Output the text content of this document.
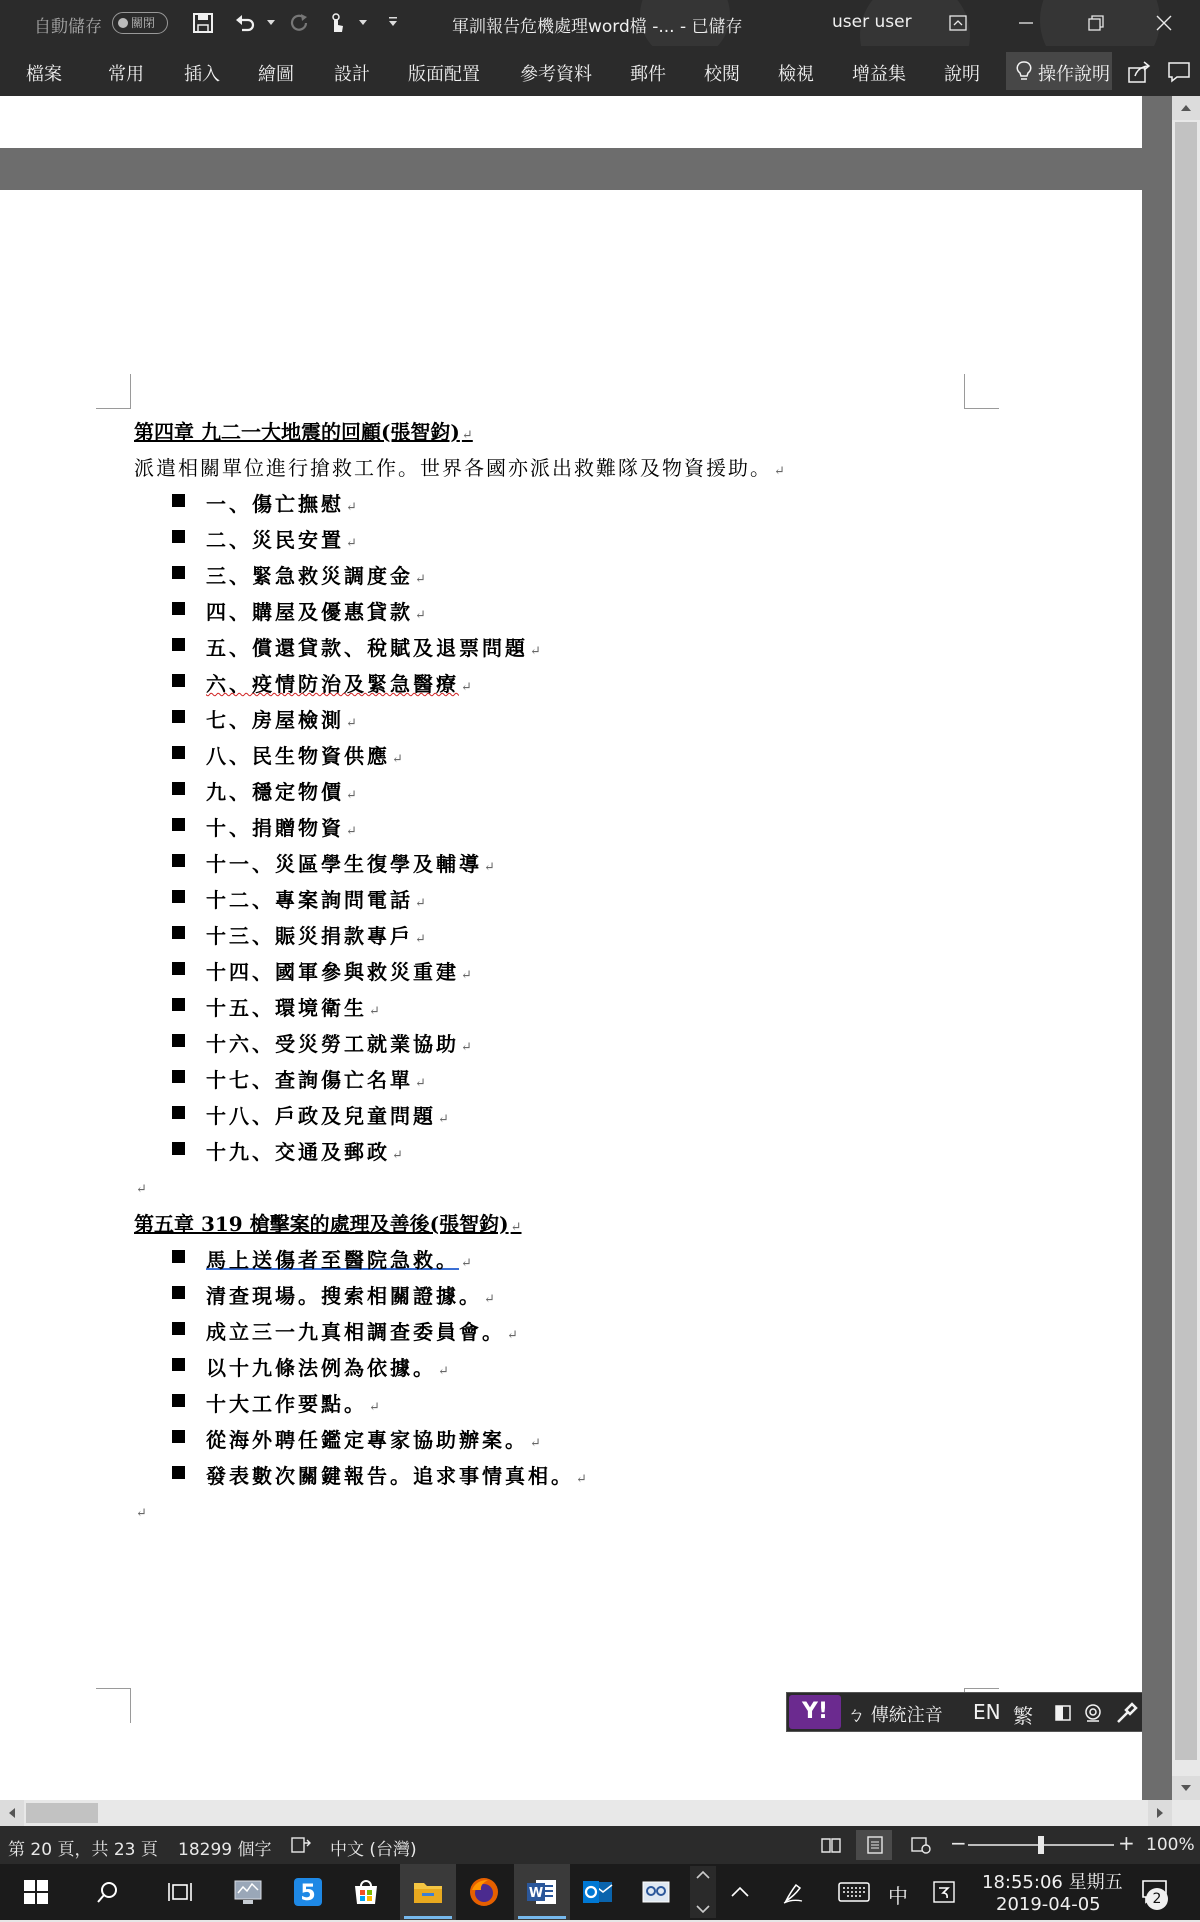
自動儲存	關閉	軍訓報告危機處理word檔 -... - 已儲存	user user
檔案	常用 插入 繪圖 設計 版面配置 參考資料 郵件 校閱 檢視 增益集 說明	操作說明
第四章 九二一大地震的回顧(張智鈞) ↵
派遣相關單位進行搶救工作。世界各國亦派出救難隊及物資援助。 ↵
一、傷亡撫慰 ↵
二、災民安置 ↵
三、緊急救災調度金 ↵
四、購屋及優惠貸款 ↵
五、償還貸款、稅賦及退票問題 ↵
六、疫情防治及緊急醫療 ↵
七、房屋檢測 ↵
八、民生物資供應 ↵
九、穩定物價 ↵
十、捐贈物資 ↵
十一、災區學生復學及輔導 ↵
十二、專案詢問電話 ↵
十三、賑災捐款專戶 ↵
十四、國軍參與救災重建 ↵
十五、環境衛生 ↵
十六、受災勞工就業協助 ↵
十七、查詢傷亡名單 ↵
十八、戶政及兒童問題 ↵
十九、交通及郵政 ↵
↵
第五章 319 槍擊案的處理及善後(張智鈞) ↵
馬上送傷者至醫院急救。 ↵
清查現場。搜索相關證據。 ↵
成立三一九真相調查委員會。 ↵
以十九條法例為依據。 ↵
十大工作要點。 ↵
從海外聘任鑑定專家協助辦案。 ↵
發表數次關鍵報告。追求事情真相。 ↵
↵
Y!	ㄅ 傳統注音 EN 繁
第 20 頁，共 23 頁 18299 個字	中文 (台灣)	−	+ 100%
5	W	中
18:55:06 星期五
2019-04-05	2
